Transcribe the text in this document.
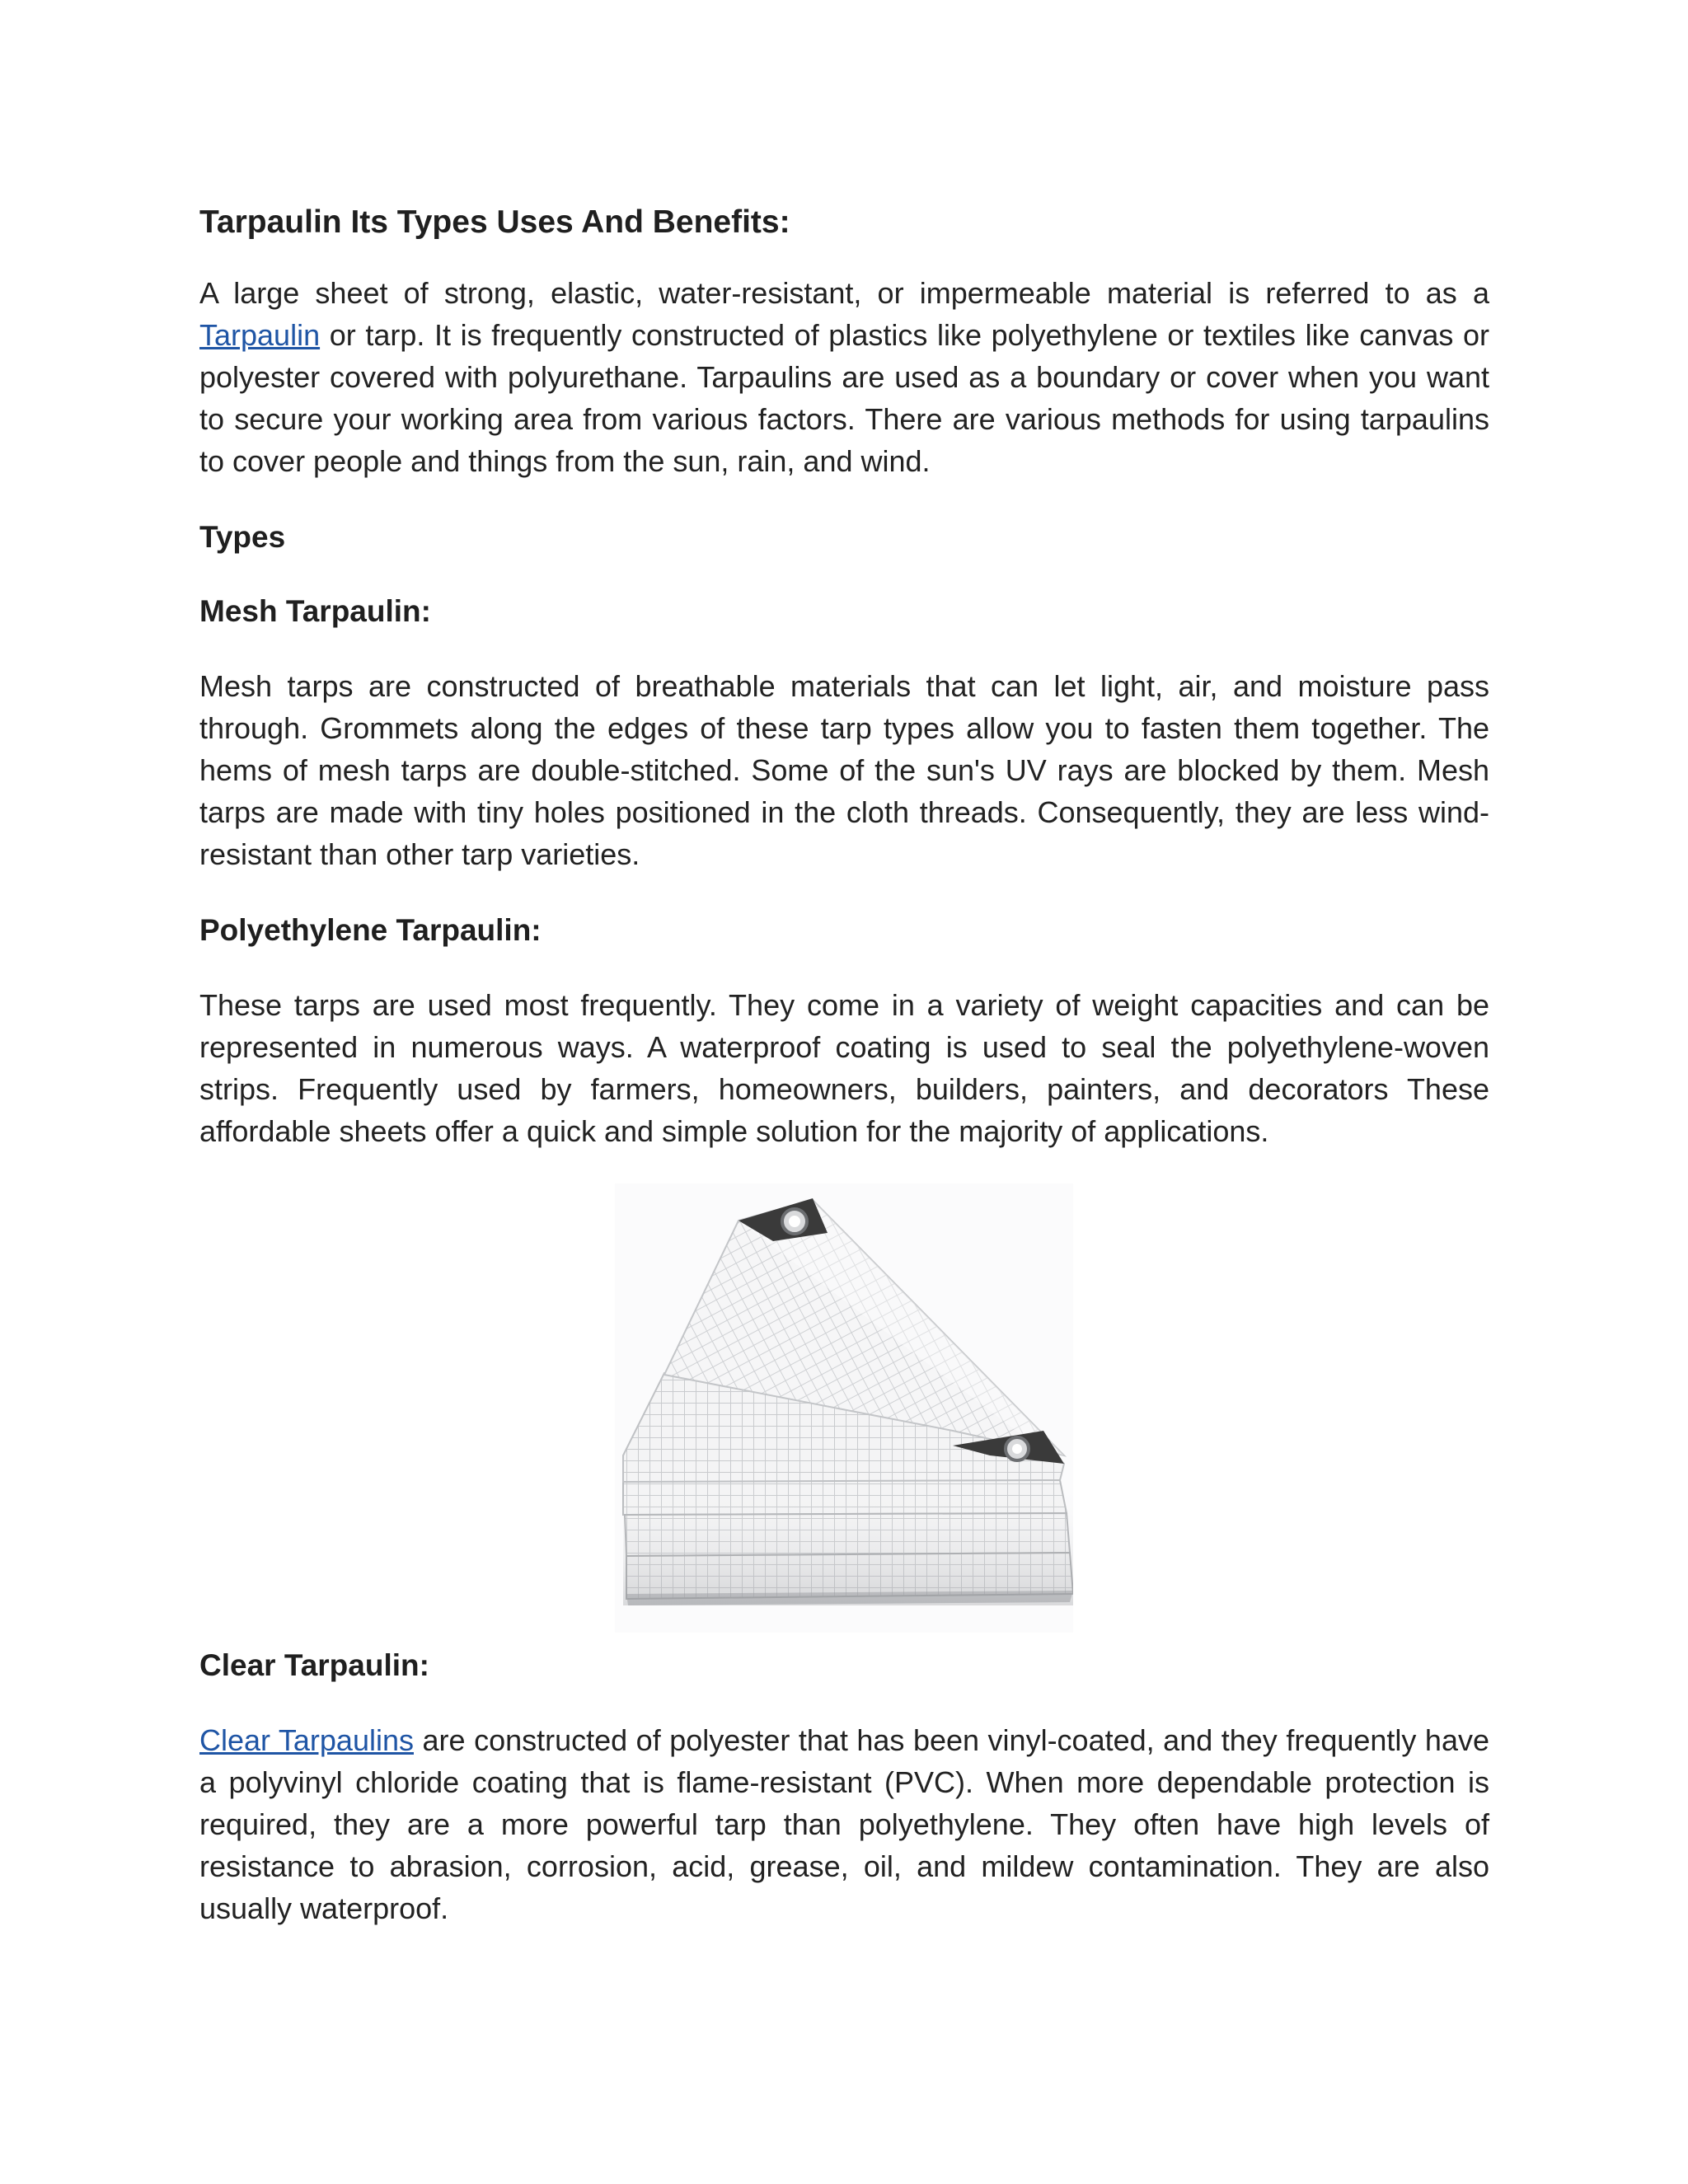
Tarpaulin Its Types Uses And Benefits:

A large sheet of strong, elastic, water-resistant, or impermeable material is referred to as a Tarpaulin or tarp. It is frequently constructed of plastics like polyethylene or textiles like canvas or polyester covered with polyurethane. Tarpaulins are used as a boundary or cover when you want to secure your working area from various factors. There are various methods for using tarpaulins to cover people and things from the sun, rain, and wind.

Types
Mesh Tarpaulin:

Mesh tarps are constructed of breathable materials that can let light, air, and moisture pass through. Grommets along the edges of these tarp types allow you to fasten them together. The hems of mesh tarps are double-stitched. Some of the sun's UV rays are blocked by them. Mesh tarps are made with tiny holes positioned in the cloth threads. Consequently, they are less wind-resistant than other tarp varieties.

Polyethylene Tarpaulin:

These tarps are used most frequently. They come in a variety of weight capacities and can be represented in numerous ways. A waterproof coating is used to seal the polyethylene-woven strips. Frequently used by farmers, homeowners, builders, painters, and decorators These affordable sheets offer a quick and simple solution for the majority of applications.

Clear Tarpaulin:

Clear Tarpaulins are constructed of polyester that has been vinyl-coated, and they frequently have a polyvinyl chloride coating that is flame-resistant (PVC). When more dependable protection is required, they are a more powerful tarp than polyethylene. They often have high levels of resistance to abrasion, corrosion, acid, grease, oil, and mildew contamination. They are also usually waterproof.
